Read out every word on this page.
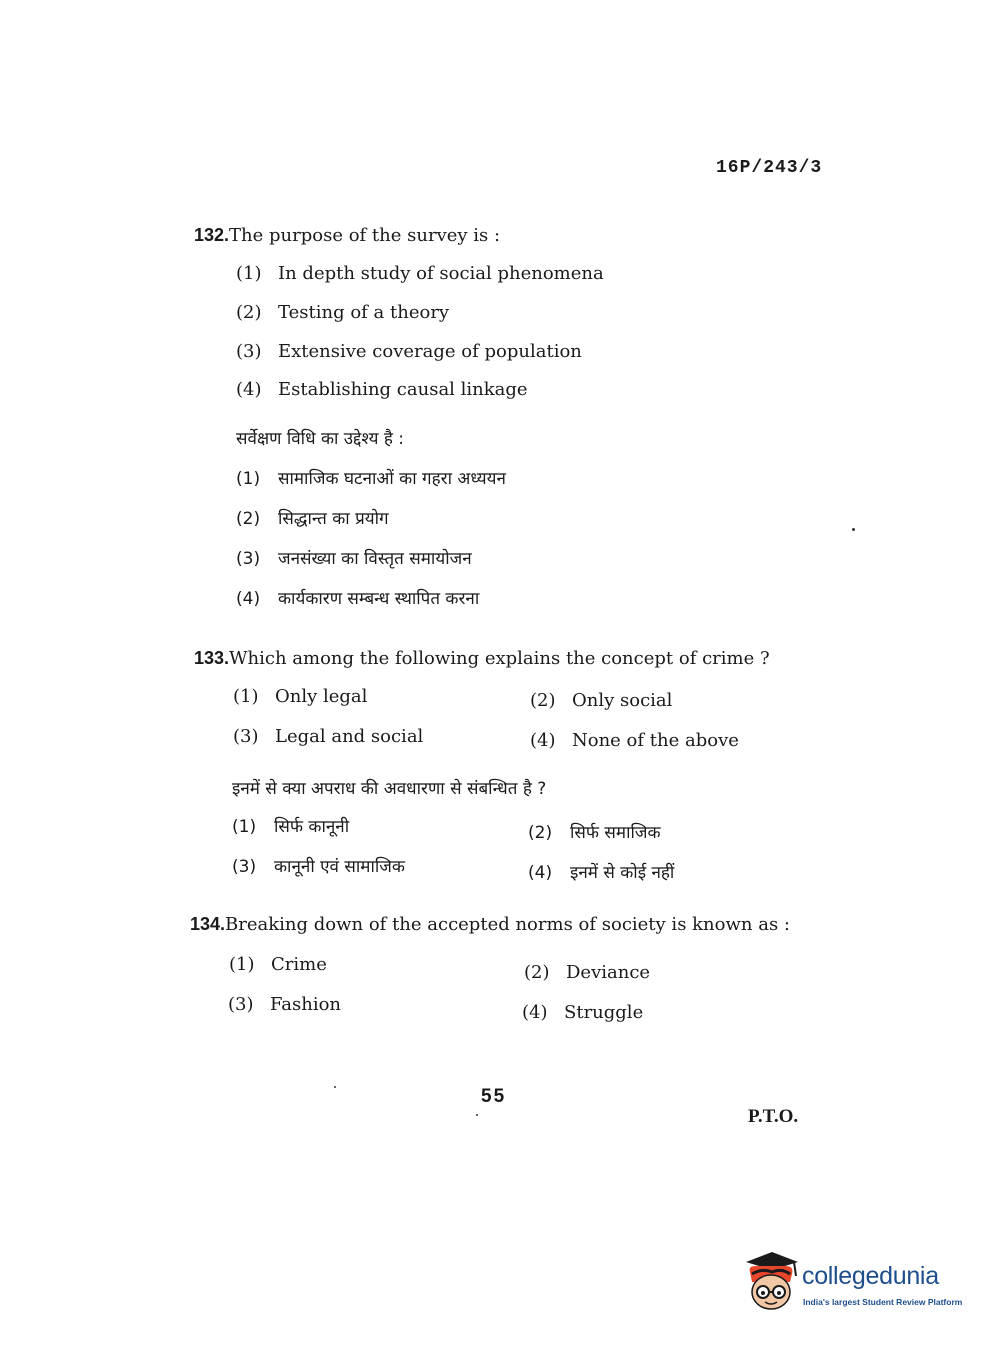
16P/243/3
132.The purpose of the survey is :
(1) In depth study of social phenomena
(2) Testing of a theory
(3) Extensive coverage of population
(4) Establishing causal linkage
सर्वेक्षण विधि का उद्देश्य है :
(1) सामाजिक घटनाओं का गहरा अध्ययन
(2) सिद्धान्त का प्रयोग
(3) जनसंख्या का विस्तृत समायोजन
(4) कार्यकारण सम्बन्ध स्थापित करना
133.Which among the following explains the concept of crime ?
(1) Only legal	(2) Only social
(3) Legal and social	(4) None of the above
इनमें से क्या अपराध की अवधारणा से संबन्धित है ?
(1) सिर्फ कानूनी	(2) सिर्फ समाजिक
(3) कानूनी एवं सामाजिक	(4) इनमें से कोई नहीं
134.Breaking down of the accepted norms of society is known as :
(1) Crime	(2) Deviance
(3) Fashion	(4) Struggle
55
P.T.O.
collegedunia
India's largest Student Review Platform
